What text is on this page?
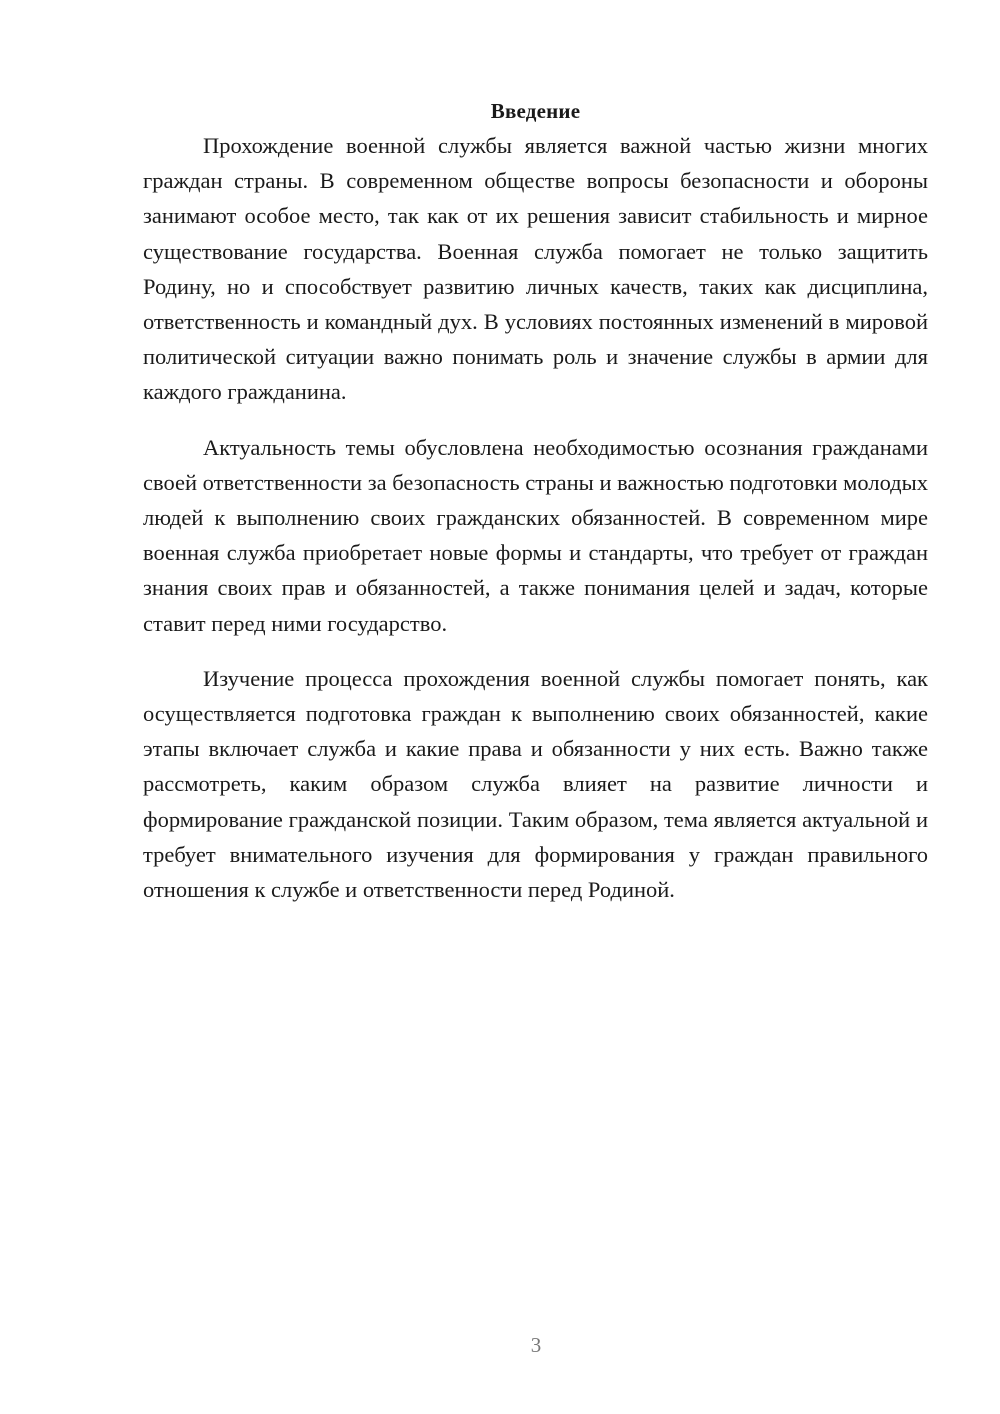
Введение

Прохождение военной службы является важной частью жизни многих граждан страны. В современном обществе вопросы безопасности и обороны занимают особое место, так как от их решения зависит стабильность и мирное существование государства. Военная служба помогает не только защитить Родину, но и способствует развитию личных качеств, таких как дисциплина, ответственность и командный дух. В условиях постоянных изменений в мировой политической ситуации важно понимать роль и значение службы в армии для каждого гражданина.

Актуальность темы обусловлена необходимостью осознания гражданами своей ответственности за безопасность страны и важностью подготовки молодых людей к выполнению своих гражданских обязанностей. В современном мире военная служба приобретает новые формы и стандарты, что требует от граждан знания своих прав и обязанностей, а также понимания целей и задач, которые ставит перед ними государство.

Изучение процесса прохождения военной службы помогает понять, как осуществляется подготовка граждан к выполнению своих обязанностей, какие этапы включает служба и какие права и обязанности у них есть. Важно также рассмотреть, каким образом служба влияет на развитие личности и формирование гражданской позиции. Таким образом, тема является актуальной и требует внимательного изучения для формирования у граждан правильного отношения к службе и ответственности перед Родиной.

3
